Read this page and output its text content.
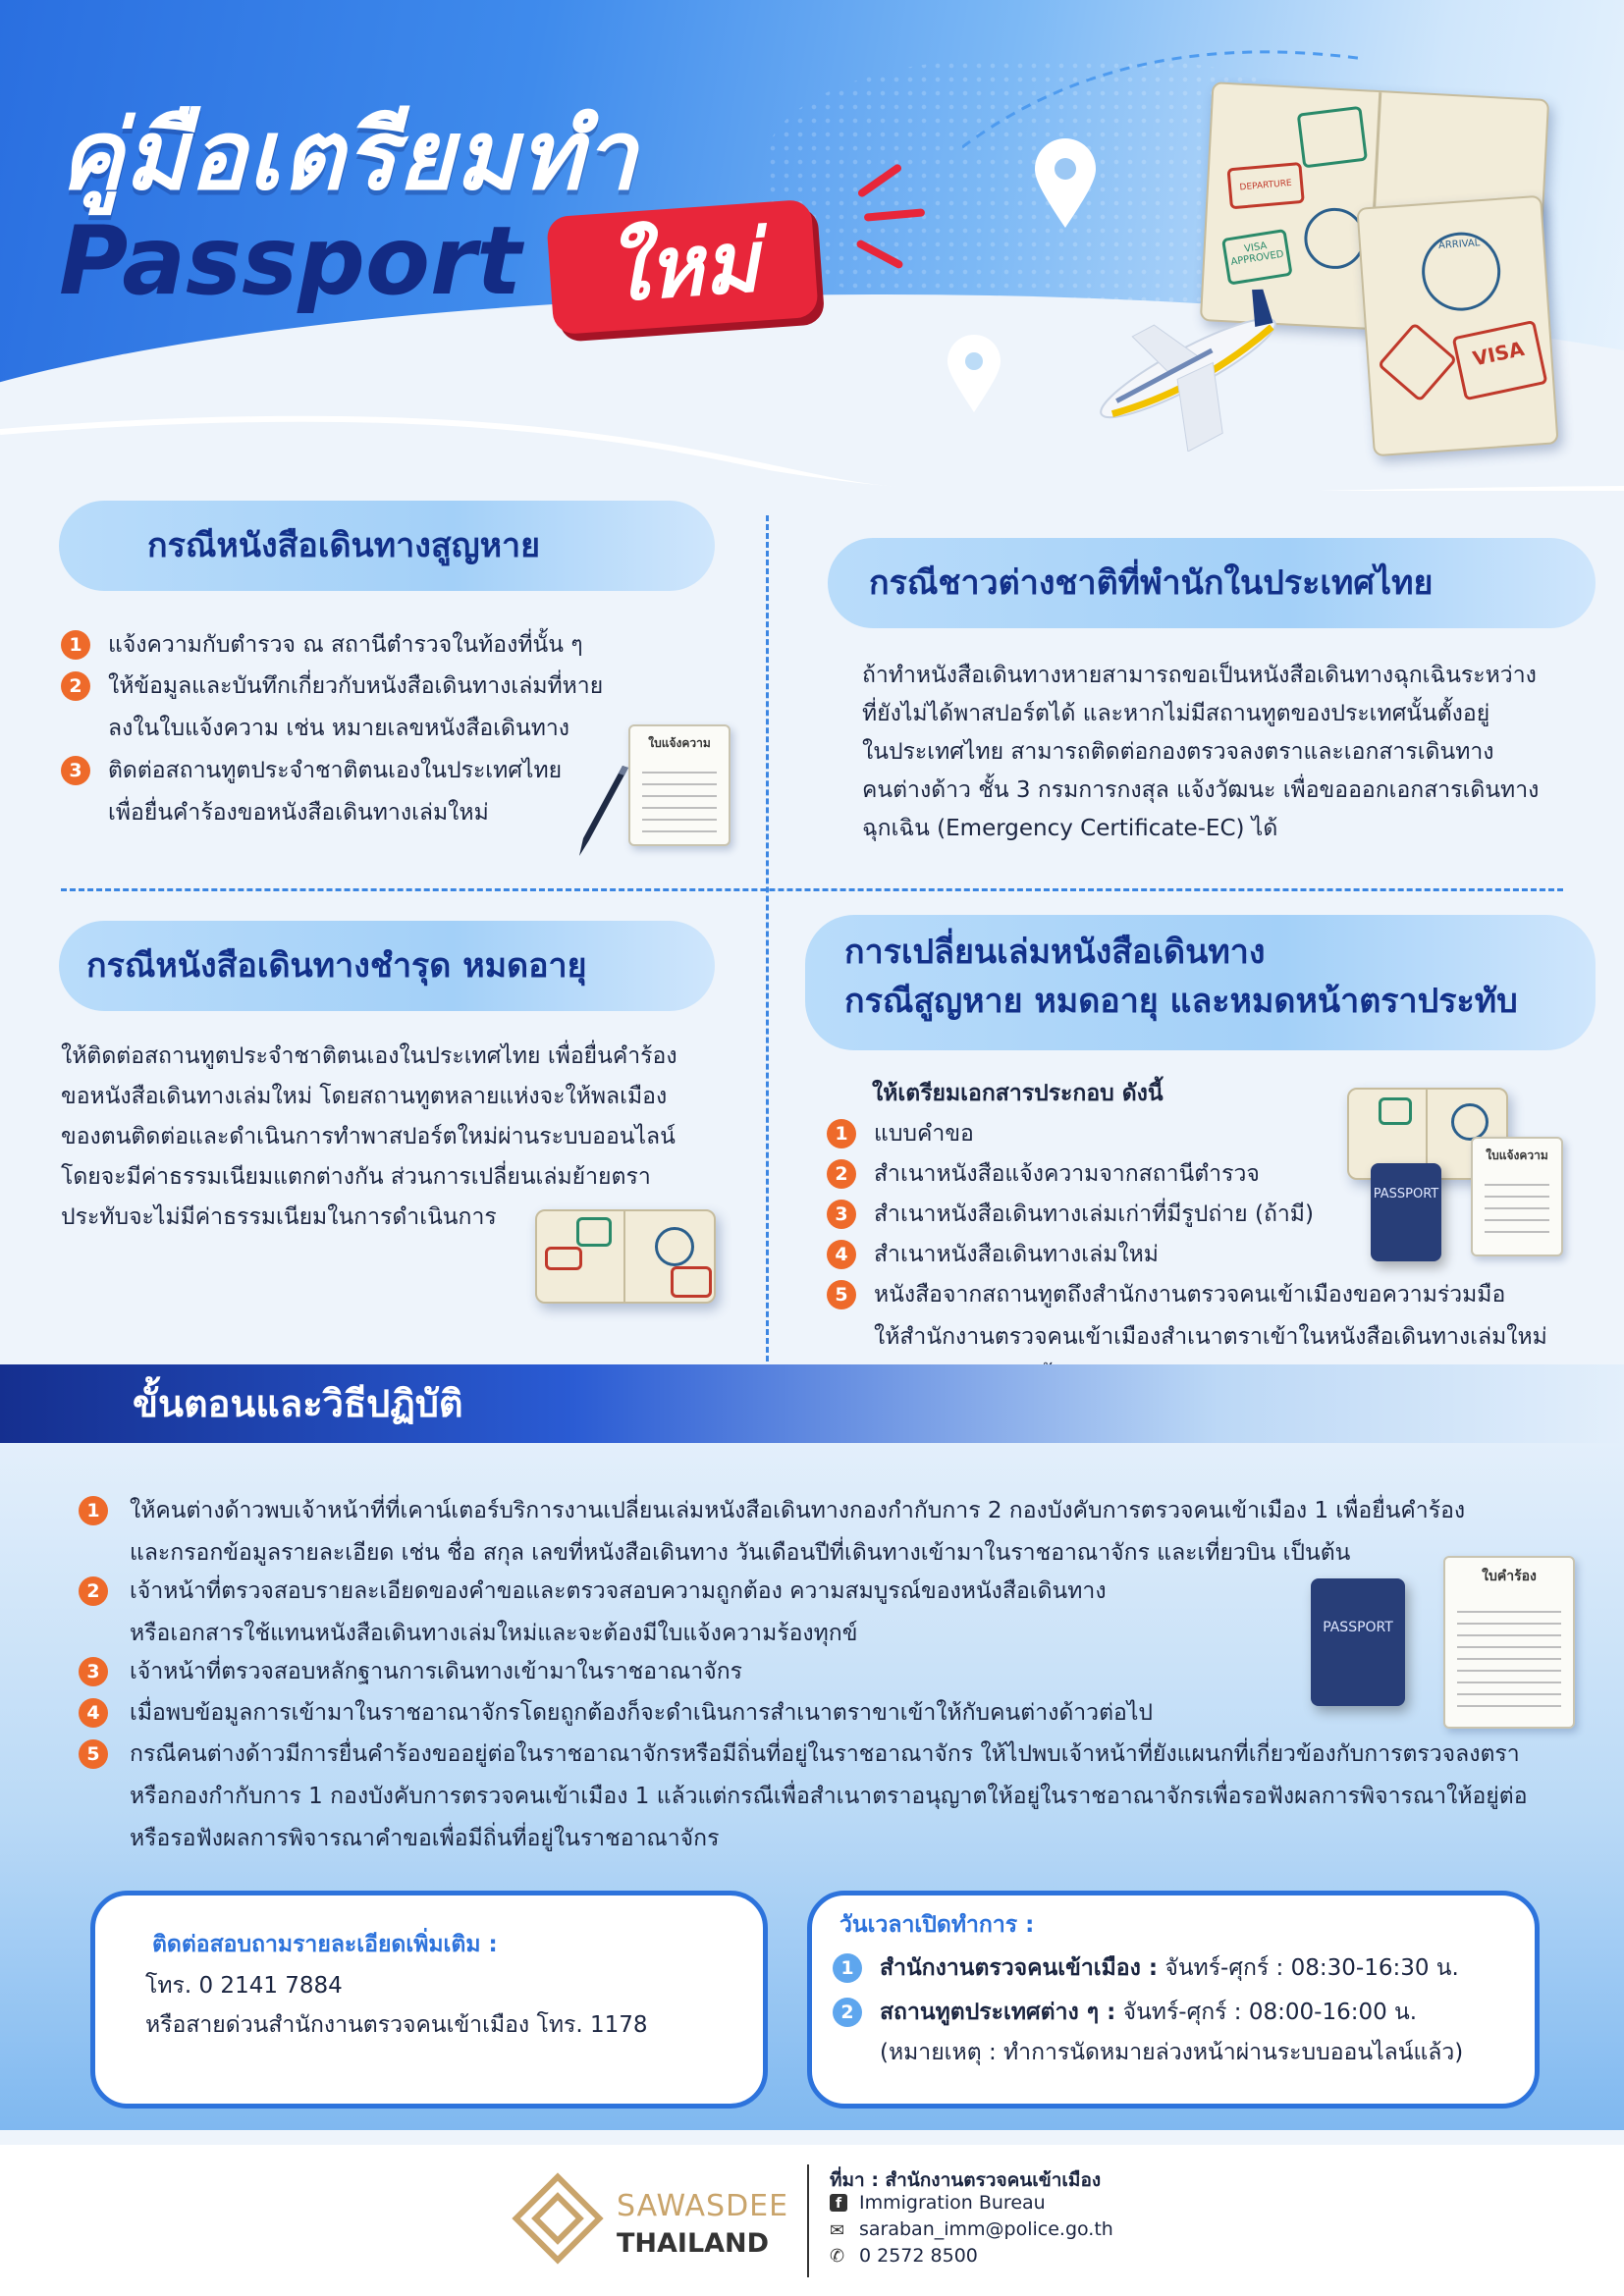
คู่มือเตรียมทำ
Passport ใหม่
DEPARTURE
VISA APPROVED
ARRIVAL
VISA
กรณีหนังสือเดินทางสูญหาย
1	แจ้งความกับตำรวจ ณ สถานีตำรวจในท้องที่นั้น ๆ
2	ให้ข้อมูลและบันทึกเกี่ยวกับหนังสือเดินทางเล่มที่หาย
ลงในใบแจ้งความ เช่น หมายเลขหนังสือเดินทาง
3	ติดต่อสถานทูตประจำชาติตนเองในประเทศไทย
เพื่อยื่นคำร้องขอหนังสือเดินทางเล่มใหม่
ใบแจ้งความ
กรณีชาวต่างชาติที่พำนักในประเทศไทย
ถ้าทำหนังสือเดินทางหายสามารถขอเป็นหนังสือเดินทางฉุกเฉินระหว่าง
ที่ยังไม่ได้พาสปอร์ตได้ และหากไม่มีสถานทูตของประเทศนั้นตั้งอยู่
ในประเทศไทย สามารถติดต่อกองตรวจลงตราและเอกสารเดินทาง
คนต่างด้าว ชั้น 3 กรมการกงสุล แจ้งวัฒนะ เพื่อขอออกเอกสารเดินทาง
ฉุกเฉิน (Emergency Certificate-EC) ได้
กรณีหนังสือเดินทางชำรุด หมดอายุ
ให้ติดต่อสถานทูตประจำชาติตนเองในประเทศไทย เพื่อยื่นคำร้อง
ขอหนังสือเดินทางเล่มใหม่ โดยสถานทูตหลายแห่งจะให้พลเมือง
ของตนติดต่อและดำเนินการทำพาสปอร์ตใหม่ผ่านระบบออนไลน์
โดยจะมีค่าธรรมเนียมแตกต่างกัน ส่วนการเปลี่ยนเล่มย้ายตรา
ประทับจะไม่มีค่าธรรมเนียมในการดำเนินการ
การเปลี่ยนเล่มหนังสือเดินทาง
กรณีสูญหาย หมดอายุ และหมดหน้าตราประทับ
ให้เตรียมเอกสารประกอบ ดังนี้
1	แบบคำขอ
2	สำเนาหนังสือแจ้งความจากสถานีตำรวจ
3	สำเนาหนังสือเดินทางเล่มเก่าที่มีรูปถ่าย (ถ้ามี)
4	สำเนาหนังสือเดินทางเล่มใหม่
5	หนังสือจากสถานทูตถึงสำนักงานตรวจคนเข้าเมืองขอความร่วมมือ
ให้สำนักงานตรวจคนเข้าเมืองสำเนาตราเข้าในหนังสือเดินทางเล่มใหม่

PASSPORT
ใบแจ้งความ
ขั้นตอนและวิธีปฏิบัติ
1	ให้คนต่างด้าวพบเจ้าหน้าที่ที่เคาน์เตอร์บริการงานเปลี่ยนเล่มหนังสือเดินทางกองกำกับการ 2 กองบังคับการตรวจคนเข้าเมือง 1 เพื่อยื่นคำร้อง
และกรอกข้อมูลรายละเอียด เช่น ชื่อ สกุล เลขที่หนังสือเดินทาง วันเดือนปีที่เดินทางเข้ามาในราชอาณาจักร และเที่ยวบิน เป็นต้น
2	เจ้าหน้าที่ตรวจสอบรายละเอียดของคำขอและตรวจสอบความถูกต้อง ความสมบูรณ์ของหนังสือเดินทาง
หรือเอกสารใช้แทนหนังสือเดินทางเล่มใหม่และจะต้องมีใบแจ้งความร้องทุกข์
3	เจ้าหน้าที่ตรวจสอบหลักฐานการเดินทางเข้ามาในราชอาณาจักร
4	เมื่อพบข้อมูลการเข้ามาในราชอาณาจักรโดยถูกต้องก็จะดำเนินการสำเนาตราขาเข้าให้กับคนต่างด้าวต่อไป
5	กรณีคนต่างด้าวมีการยื่นคำร้องขออยู่ต่อในราชอาณาจักรหรือมีถิ่นที่อยู่ในราชอาณาจักร ให้ไปพบเจ้าหน้าที่ยังแผนกที่เกี่ยวข้องกับการตรวจลงตรา
หรือกองกำกับการ 1 กองบังคับการตรวจคนเข้าเมือง 1 แล้วแต่กรณีเพื่อสำเนาตราอนุญาตให้อยู่ในราชอาณาจักรเพื่อรอฟังผลการพิจารณาให้อยู่ต่อ
หรือรอฟังผลการพิจารณาคำขอเพื่อมีถิ่นที่อยู่ในราชอาณาจักร
PASSPORT
ใบคำร้อง
ติดต่อสอบถามรายละเอียดเพิ่มเติม :
โทร. 0 2141 7884
หรือสายด่วนสำนักงานตรวจคนเข้าเมือง โทร. 1178
วันเวลาเปิดทำการ :
1	สำนักงานตรวจคนเข้าเมือง : จันทร์-ศุกร์ : 08:30-16:30 น.
2	สถานทูตประเทศต่าง ๆ : จันทร์-ศุกร์ : 08:00-16:00 น.
(หมายเหตุ : ทำการนัดหมายล่วงหน้าผ่านระบบออนไลน์แล้ว)
SAWASDEE
THAILAND
ที่มา : สำนักงานตรวจคนเข้าเมือง
f Immigration Bureau
✉ saraban_imm@police.go.th
✆ 0 2572 8500
